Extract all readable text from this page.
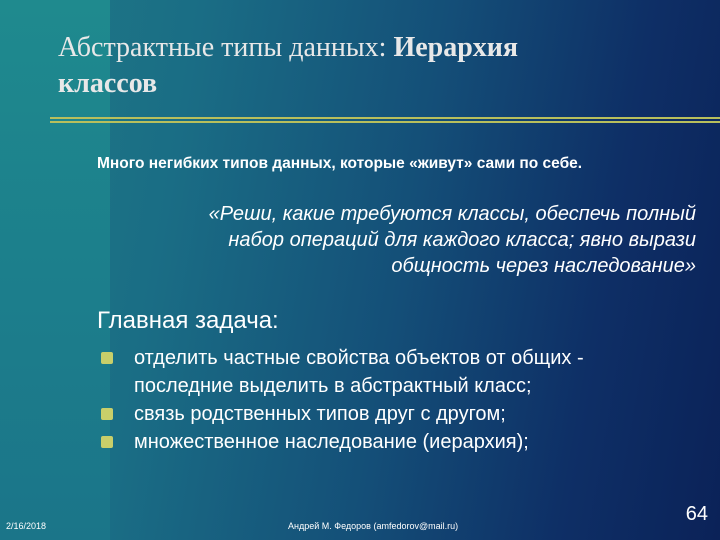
Абстрактные типы данных: Иерархия
классов
Много негибких типов данных, которые «живут» сами по себе.
«Реши, какие требуются классы, обеспечь полный
набор операций для каждого класса; явно вырази
общность через наследование»
Главная задача:
отделить частные свойства объектов от общих -
последние выделить в абстрактный класс;
связь родственных типов друг с другом;
множественное наследование (иерархия);
2/16/2018	Андрей М. Федоров (amfedorov@mail.ru)
64
